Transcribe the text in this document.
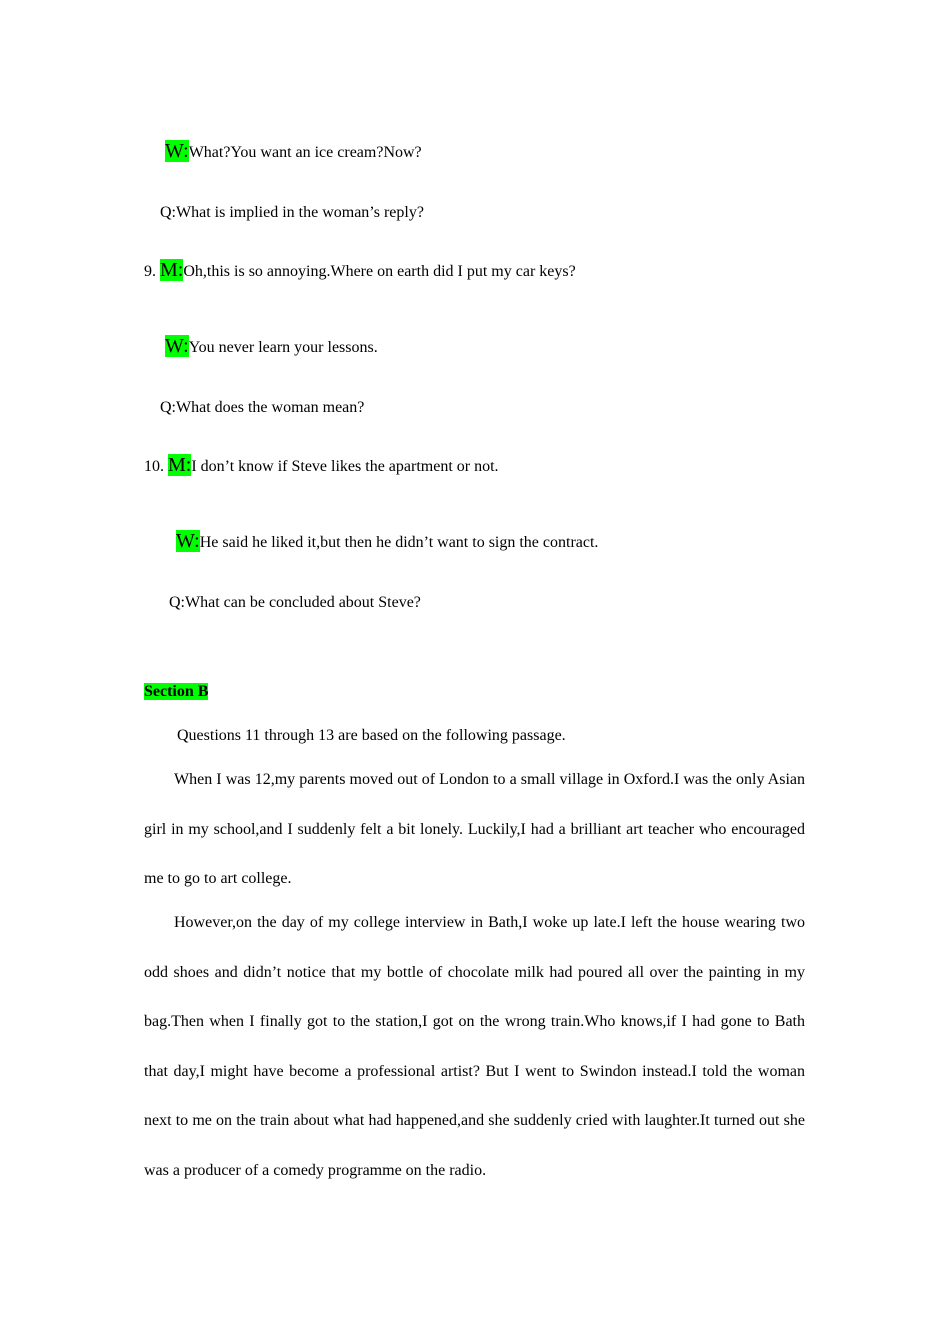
W:What?You want an ice cream?Now?
Q:What is implied in the woman’s reply?
9. M:Oh,this is so annoying.Where on earth did I put my car keys?
W:You never learn your lessons.
Q:What does the woman mean?
10. M:I don’t know if Steve likes the apartment or not.
W:He said he liked it,but then he didn’t want to sign the contract.
Q:What can be concluded about Steve?
Section B
Questions 11 through 13 are based on the following passage.
When I was 12,my parents moved out of London to a small village in Oxford.I was the only Asian girl in my school,and I suddenly felt a bit lonely. Luckily,I had a brilliant art teacher who encouraged me to go to art college.
However,on the day of my college interview in Bath,I woke up late.I left the house wearing two odd shoes and didn’t notice that my bottle of chocolate milk had poured all over the painting in my bag.Then when I finally got to the station,I got on the wrong train.Who knows,if I had gone to Bath that day,I might have become a professional artist? But I went to Swindon instead.I told the woman next to me on the train about what had happened,and she suddenly cried with laughter.It turned out she was a producer of a comedy programme on the radio.
